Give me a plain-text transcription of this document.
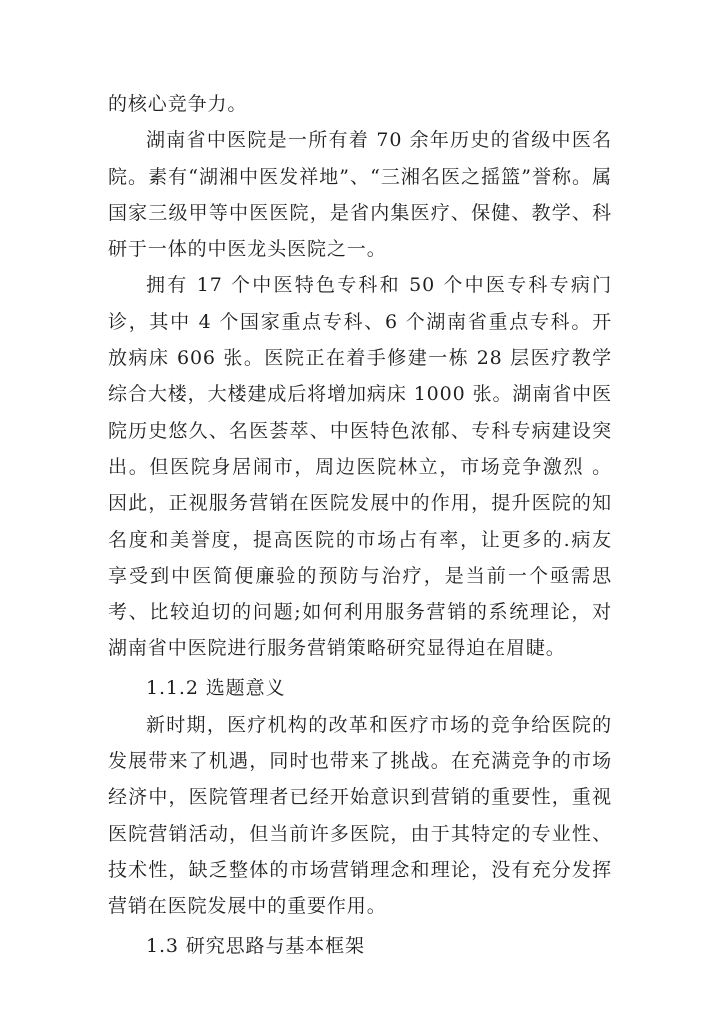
的核心竞争力。

湖南省中医院是一所有着 70 余年历史的省级中医名院。素有“湖湘中医发祥地”、“三湘名医之摇篮”誉称。属国家三级甲等中医医院，是省内集医疗、保健、教学、科研于一体的中医龙头医院之一。

拥有 17 个中医特色专科和 50 个中医专科专病门诊，其中 4 个国家重点专科、6 个湖南省重点专科。开放病床 606 张。医院正在着手修建一栋 28 层医疗教学综合大楼，大楼建成后将增加病床 1000 张。湖南省中医院历史悠久、名医荟萃、中医特色浓郁、专科专病建设突出。但医院身居闹市，周边医院林立，市场竞争激烈 。因此，正视服务营销在医院发展中的作用，提升医院的知名度和美誉度，提高医院的市场占有率，让更多的.病友享受到中医简便廉验的预防与治疗，是当前一个亟需思考、比较迫切的问题;如何利用服务营销的系统理论，对湖南省中医院进行服务营销策略研究显得迫在眉睫。

1.1.2 选题意义

新时期，医疗机构的改革和医疗市场的竞争给医院的发展带来了机遇，同时也带来了挑战。在充满竞争的市场经济中，医院管理者已经开始意识到营销的重要性，重视医院营销活动，但当前许多医院，由于其特定的专业性、技术性，缺乏整体的市场营销理念和理论，没有充分发挥营销在医院发展中的重要作用。

1.3 研究思路与基本框架
